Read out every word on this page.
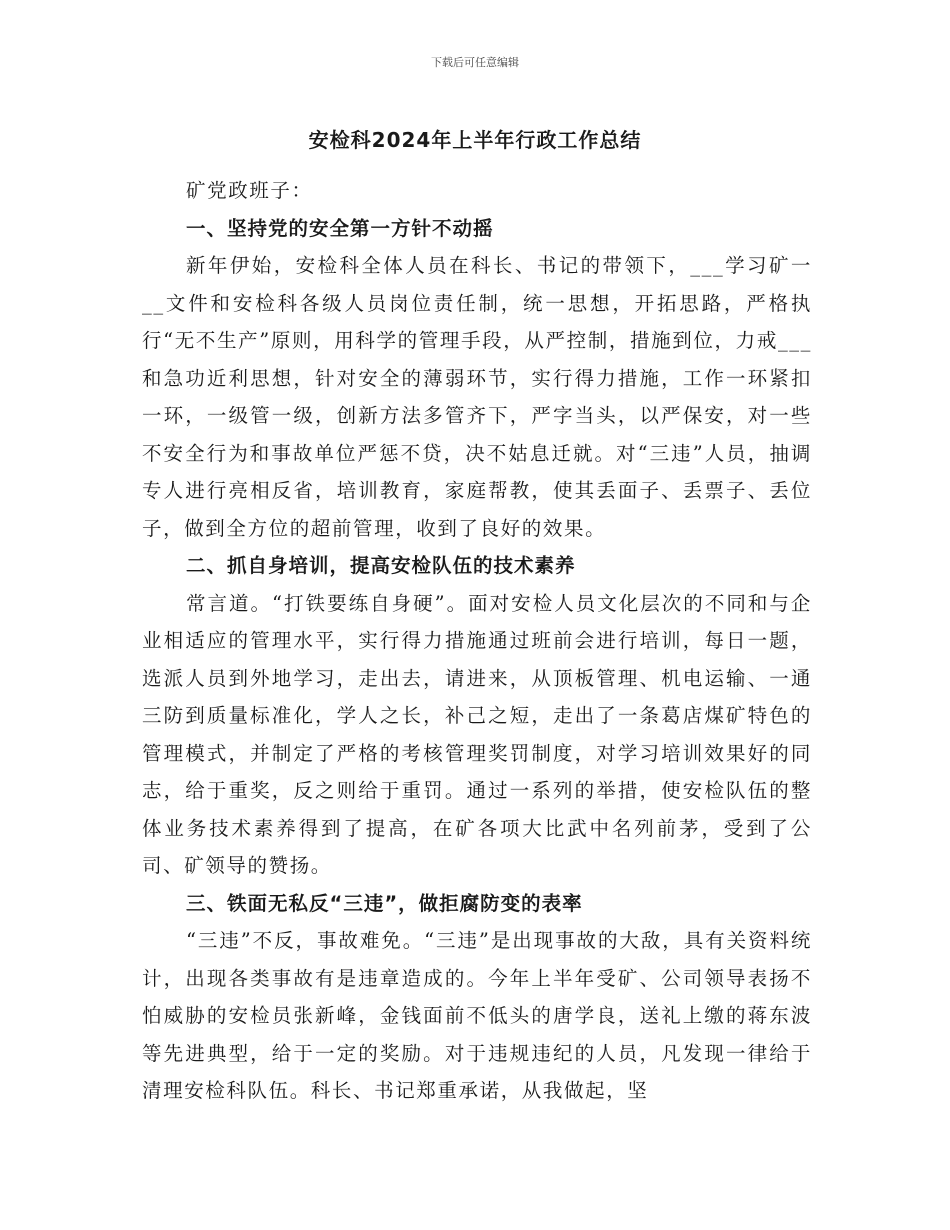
下载后可任意编辑
安检科2024年上半年行政工作总结
矿党政班子：
一、坚持党的安全第一方针不动摇

新年伊始，安检科全体人员在科长、书记的带领下，___学习矿一__文件和安检科各级人员岗位责任制，统一思想，开拓思路，严格执行“无不生产”原则，用科学的管理手段，从严控制，措施到位，力戒___和急功近利思想，针对安全的薄弱环节，实行得力措施，工作一环紧扣一环，一级管一级，创新方法多管齐下，严字当头，以严保安，对一些不安全行为和事故单位严惩不贷，决不姑息迁就。对“三违”人员，抽调专人进行亮相反省，培训教育，家庭帮教，使其丢面子、丢票子、丢位子，做到全方位的超前管理，收到了良好的效果。

二、抓自身培训，提高安检队伍的技术素养

常言道。“打铁要练自身硬”。面对安检人员文化层次的不同和与企业相适应的管理水平，实行得力措施通过班前会进行培训，每日一题，选派人员到外地学习，走出去，请进来，从顶板管理、机电运输、一通三防到质量标准化，学人之长，补己之短，走出了一条葛店煤矿特色的管理模式，并制定了严格的考核管理奖罚制度，对学习培训效果好的同志，给于重奖，反之则给于重罚。通过一系列的举措，使安检队伍的整体业务技术素养得到了提高，在矿各项大比武中名列前茅，受到了公司、矿领导的赞扬。

三、铁面无私反“三违”，做拒腐防变的表率

“三违”不反，事故难免。“三违”是出现事故的大敌，具有关资料统计，出现各类事故有是违章造成的。今年上半年受矿、公司领导表扬不怕威胁的安检员张新峰，金钱面前不低头的唐学良，送礼上缴的蒋东波等先进典型，给于一定的奖励。对于违规违纪的人员，凡发现一律给于清理安检科队伍。科长、书记郑重承诺，从我做起，坚
